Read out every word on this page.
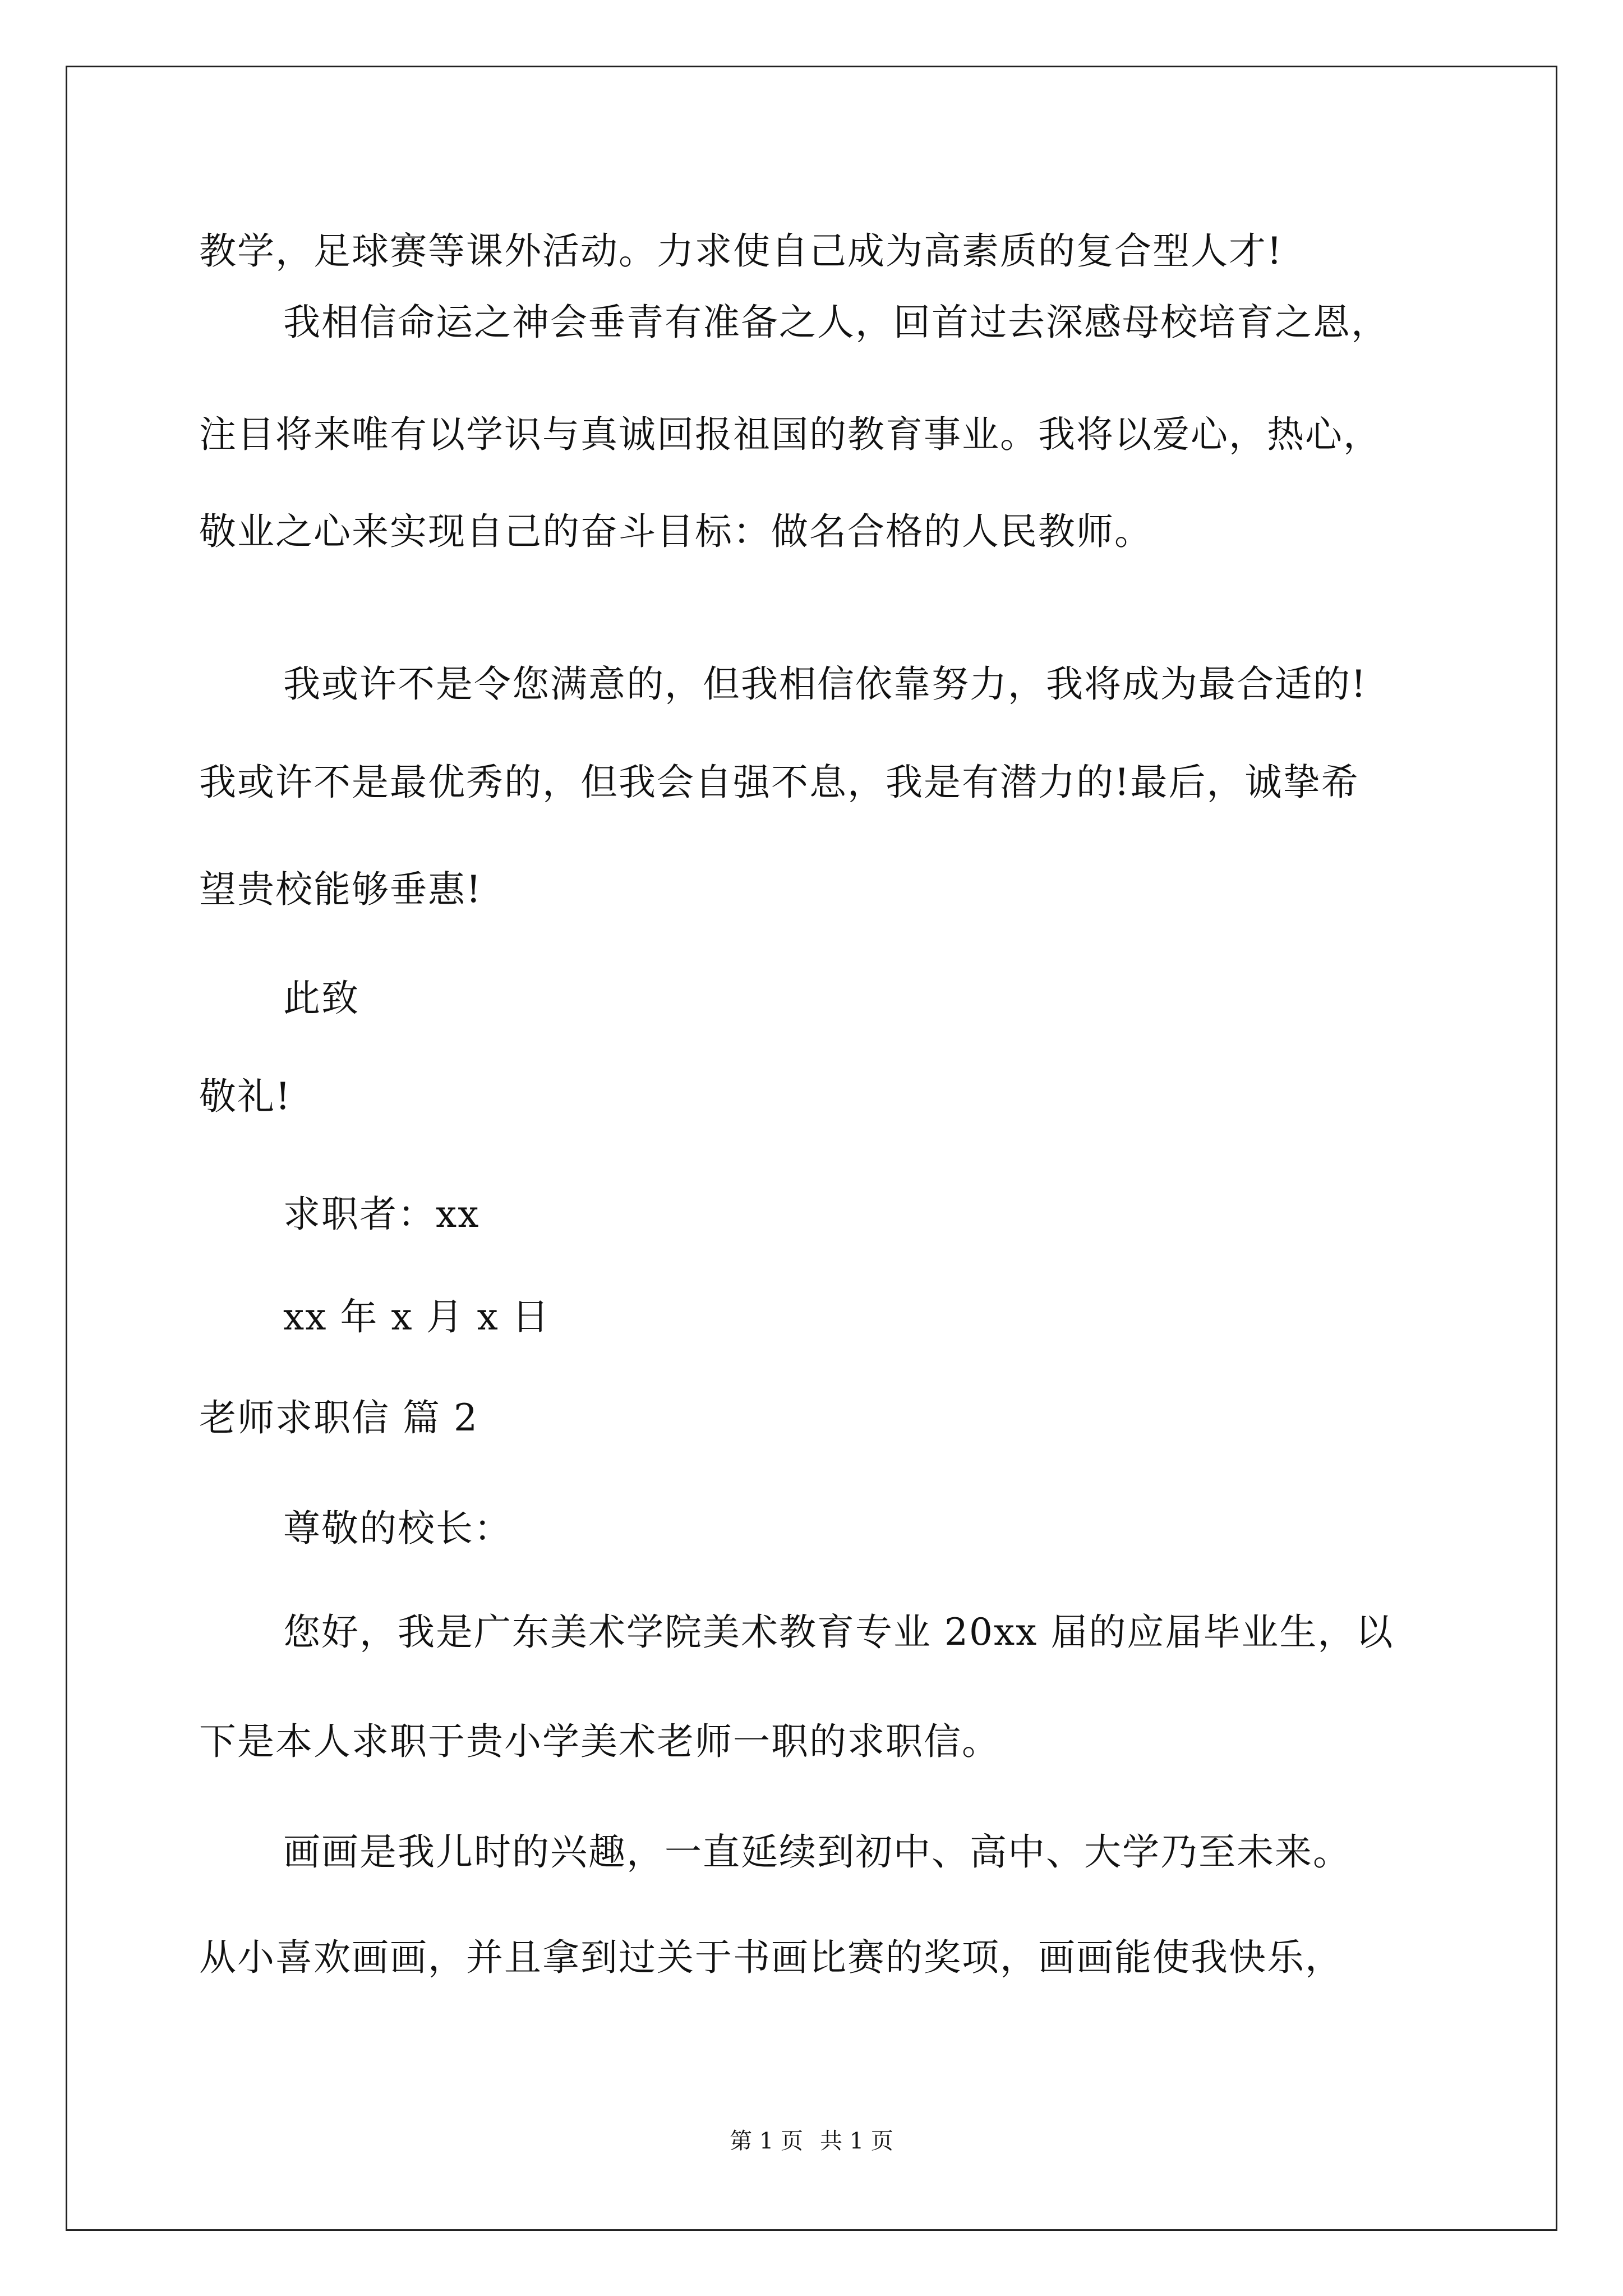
教学，足球赛等课外活动。力求使自己成为高素质的复合型人才!
我相信命运之神会垂青有准备之人，回首过去深感母校培育之恩，
注目将来唯有以学识与真诚回报祖国的教育事业。我将以爱心，热心，
敬业之心来实现自己的奋斗目标：做名合格的人民教师。
我或许不是令您满意的，但我相信依靠努力，我将成为最合适的!
我或许不是最优秀的，但我会自强不息，我是有潜力的!最后，诚挚希
望贵校能够垂惠!
此致
敬礼!
求职者：xx
xx 年 x 月 x 日
老师求职信 篇 2
尊敬的校长：
您好，我是广东美术学院美术教育专业 20xx 届的应届毕业生，以
下是本人求职于贵小学美术老师一职的求职信。
画画是我儿时的兴趣，一直延续到初中、高中、大学乃至未来。
从小喜欢画画，并且拿到过关于书画比赛的奖项，画画能使我快乐，
第 1 页 共 1 页
